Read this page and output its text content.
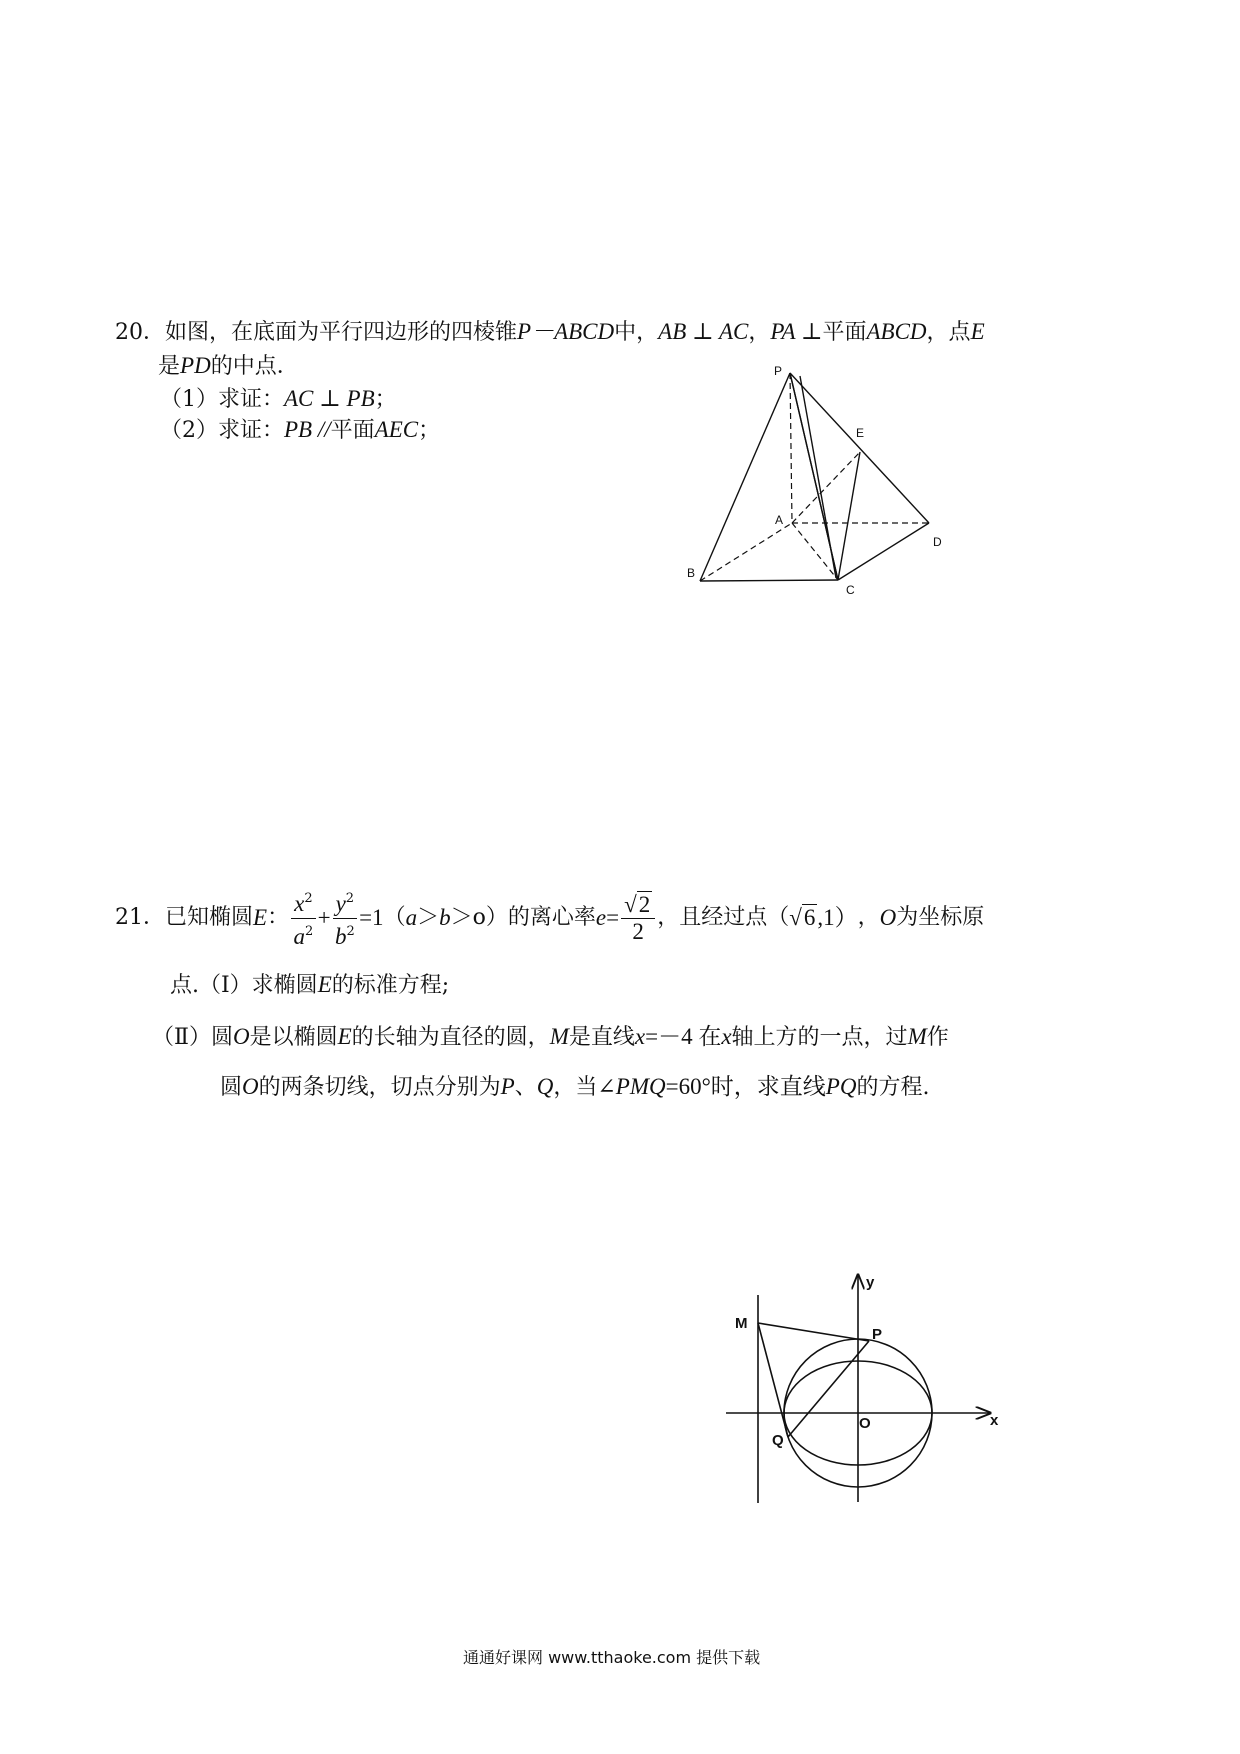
20．如图，在底面为平行四边形的四棱锥P－ABCD中，AB ⊥ AC，PA ⊥平面ABCD，点E
是PD的中点．
（1）求证：AC ⊥ PB；
（2）求证：PB //平面AEC；
P
E
A
D
B
C
21． 已知椭圆 E ： $\frac{x^2}{a^2} + \frac{y^2}{b^2} =1$ （ a ＞ b ＞o ） 的离心率 $e = \frac{√2}{2}$ ，且经过点（ √6 ,1） ， O 为坐标原
点.（Ⅰ）求椭圆E的标准方程;
（Ⅱ）圆O是以椭圆E的长轴为直径的圆，M是直线x=－4 在x轴上方的一点，过M作
圆O的两条切线，切点分别为P、Q，当∠PMQ=60°时，求直线PQ的方程.
M
P
Q
O	x
y
通通好课网 www.tthaoke.com 提供下载
